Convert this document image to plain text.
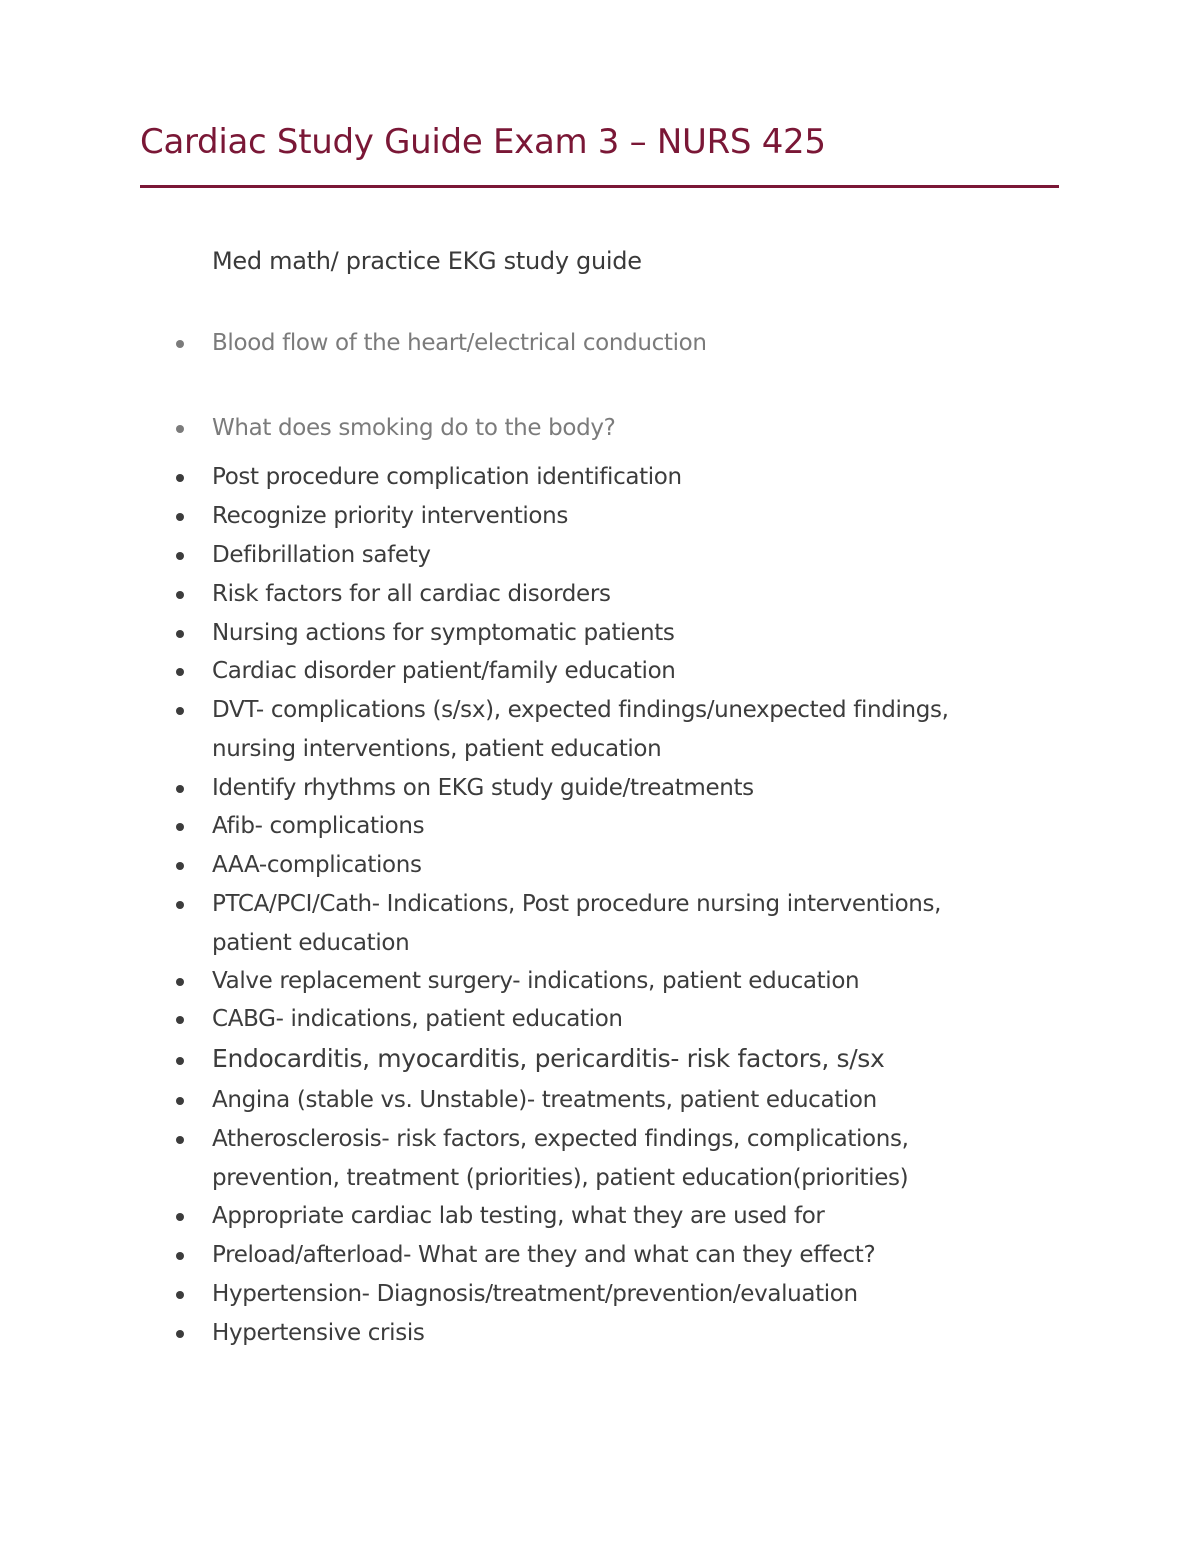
Cardiac Study Guide Exam 3 – NURS 425
Med math/ practice EKG study guide
Blood flow of the heart/electrical conduction
What does smoking do to the body?
Post procedure complication identification
Recognize priority interventions
Defibrillation safety
Risk factors for all cardiac disorders
Nursing actions for symptomatic patients
Cardiac disorder patient/family education
DVT- complications (s/sx), expected findings/unexpected findings,
nursing interventions, patient education
Identify rhythms on EKG study guide/treatments
Afib- complications
AAA-complications
PTCA/PCI/Cath- Indications, Post procedure nursing interventions,
patient education
Valve replacement surgery- indications, patient education
CABG- indications, patient education
Endocarditis, myocarditis, pericarditis- risk factors, s/sx
Angina (stable vs. Unstable)- treatments, patient education
Atherosclerosis- risk factors, expected findings, complications,
prevention, treatment (priorities), patient education(priorities)
Appropriate cardiac lab testing, what they are used for
Preload/afterload- What are they and what can they effect?
Hypertension- Diagnosis/treatment/prevention/evaluation
Hypertensive crisis
